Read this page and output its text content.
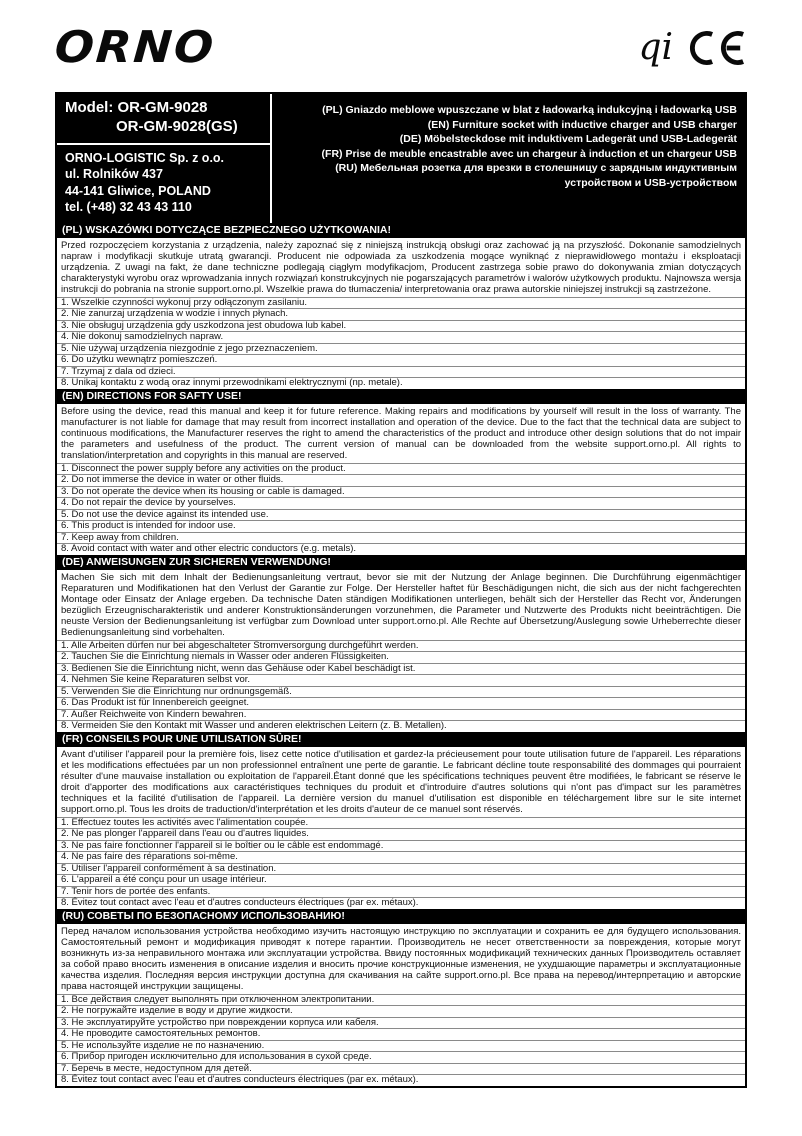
ORNO	qi
Model: OR-GM-9028
OR-GM-9028(GS)
ORNO-LOGISTIC Sp. z o.o.
ul. Rolników 437
44-141 Gliwice, POLAND
tel. (+48) 32 43 43 110
(PL) Gniazdo meblowe wpuszczane w blat z ładowarką indukcyjną i ładowarką USB
(EN) Furniture socket with inductive charger and USB charger
(DE) Möbelsteckdose mit induktivem Ladegerät und USB-Ladegerät
(FR) Prise de meuble encastrable avec un chargeur à induction et un chargeur USB
(RU) Мебельная розетка для врезки в столешницу с зарядным индуктивным устройством и USB-устройством
(PL) WSKAZÓWKI DOTYCZĄCE BEZPIECZNEGO UŻYTKOWANIA!

Przed rozpoczęciem korzystania z urządzenia, należy zapoznać się z niniejszą instrukcją obsługi oraz zachować ją na przyszłość. Dokonanie samodzielnych napraw i modyfikacji skutkuje utratą gwarancji. Producent nie odpowiada za uszkodzenia mogące wyniknąć z nieprawidłowego montażu i eksploatacji urządzenia. Z uwagi na fakt, że dane techniczne podlegają ciągłym modyfikacjom, Producent zastrzega sobie prawo do dokonywania zmian dotyczących charakterystyki wyrobu oraz wprowadzania innych rozwiązań konstrukcyjnych nie pogarszających parametrów i walorów użytkowych produktu. Najnowsza wersja instrukcji do pobrania na stronie support.orno.pl. Wszelkie prawa do tłumaczenia/ interpretowania oraz prawa autorskie niniejszej instrukcji są zastrzeżone.

1. Wszelkie czynności wykonuj przy odłączonym zasilaniu.
2. Nie zanurzaj urządzenia w wodzie i innych płynach.
3. Nie obsługuj urządzenia gdy uszkodzona jest obudowa lub kabel.
4. Nie dokonuj samodzielnych napraw.
5. Nie używaj urządzenia niezgodnie z jego przeznaczeniem.
6. Do użytku wewnątrz pomieszczeń.
7. Trzymaj z dala od dzieci.
8. Unikaj kontaktu z wodą oraz innymi przewodnikami elektrycznymi (np. metale).
(EN) DIRECTIONS FOR SAFTY USE!

Before using the device, read this manual and keep it for future reference. Making repairs and modifications by yourself will result in the loss of warranty. The manufacturer is not liable for damage that may result from incorrect installation and operation of the device. Due to the fact that the technical data are subject to continuous modifications, the Manufacturer reserves the right to amend the characteristics of the product and introduce other design solutions that do not impair the parameters and usefulness of the product. The current version of manual can be downloaded from the website support.orno.pl. All rights to translation/interpretation and copyrights in this manual are reserved.

1. Disconnect the power supply before any activities on the product.
2. Do not immerse the device in water or other fluids.
3. Do not operate the device when its housing or cable is damaged.
4. Do not repair the device by yourselves.
5. Do not use the device against its intended use.
6. This product is intended for indoor use.
7. Keep away from children.
8. Avoid contact with water and other electric conductors (e.g. metals).
(DE) ANWEISUNGEN ZUR SICHEREN VERWENDUNG!

Machen Sie sich mit dem Inhalt der Bedienungsanleitung vertraut, bevor sie mit der Nutzung der Anlage beginnen. Die Durchführung eigenmächtiger Reparaturen und Modifikationen hat den Verlust der Garantie zur Folge. Der Hersteller haftet für Beschädigungen nicht, die sich aus der nicht fachgerechten Montage oder Einsatz der Anlage ergeben. Da technische Daten ständigen Modifikationen unterliegen, behält sich der Hersteller das Recht vor, Änderungen bezüglich Erzeugnischarakteristik und anderer Konstruktionsänderungen vorzunehmen, die Parameter und Nutzwerte des Produkts nicht beeinträchtigen. Die neuste Version der Bedienungsanleitung ist verfügbar zum Download unter support.orno.pl. Alle Rechte auf Übersetzung/Auslegung sowie Urheberrechte dieser Bedienungsanleitung sind vorbehalten.

1. Alle Arbeiten dürfen nur bei abgeschalteter Stromversorgung durchgeführt werden.
2. Tauchen Sie die Einrichtung niemals in Wasser oder anderen Flüssigkeiten.
3. Bedienen Sie die Einrichtung nicht, wenn das Gehäuse oder Kabel beschädigt ist.
4. Nehmen Sie keine Reparaturen selbst vor.
5. Verwenden Sie die Einrichtung nur ordnungsgemäß.
6. Das Produkt ist für Innenbereich geeignet.
7. Außer Reichweite von Kindern bewahren.
8. Vermeiden Sie den Kontakt mit Wasser und anderen elektrischen Leitern (z. B. Metallen).
(FR) CONSEILS POUR UNE UTILISATION SÛRE!

Avant d'utiliser l'appareil pour la première fois, lisez cette notice d'utilisation et gardez-la précieusement pour toute utilisation future de l'appareil. Les réparations et les modifications effectuées par un non professionnel entraînent une perte de garantie. Le fabricant décline toute responsabilité des dommages qui pourraient résulter d'une mauvaise installation ou exploitation de l'appareil.Étant donné que les spécifications techniques peuvent être modifiées, le fabricant se réserve le droit d'apporter des modifications aux caractéristiques techniques du produit et d'introduire d'autres solutions qui n'ont pas d'impact sur les paramètres techniques et la facilité d'utilisation de l'appareil. La dernière version du manuel d'utilisation est disponible en téléchargement libre sur le site internet support.orno.pl. Tous les droits de traduction/d'interprétation et les droits d'auteur de ce manuel sont réservés.

1. Effectuez toutes les activités avec l'alimentation coupée.
2. Ne pas plonger l'appareil dans l'eau ou d'autres liquides.
3. Ne pas faire fonctionner l'appareil si le boîtier ou le câble est endommagé.
4. Ne pas faire des réparations soi-même.
5. Utiliser l'appareil conformément à sa destination.
6. L'appareil a été conçu pour un usage intérieur.
7. Tenir hors de portée des enfants.
8. Évitez tout contact avec l'eau et d'autres conducteurs électriques (par ex. métaux).
(RU) СОВЕТЫ ПО БЕЗОПАСНОМУ ИСПОЛЬЗОВАНИЮ!

Перед началом использования устройства необходимо изучить настоящую инструкцию по эксплуатации и сохранить ее для будущего использования. Самостоятельный ремонт и модификация приводят к потере гарантии. Производитель не несет ответственности за повреждения, которые могут возникнуть из-за неправильного монтажа или эксплуатации устройства. Ввиду постоянных модификаций технических данных Производитель оставляет за собой право вносить изменения в описание изделия и вносить прочие конструкционные изменения, не ухудшающие параметры и эксплуатационные качества изделия. Последняя версия инструкции доступна для скачивания на сайте support.orno.pl. Все права на перевод/интерпретацию и авторские права настоящей инструкции защищены.

1. Все действия следует выполнять при отключенном электропитании.
2. Не погружайте изделие в воду и другие жидкости.
3. Не эксплуатируйте устройство при повреждении корпуса или кабеля.
4. Не проводите самостоятельных ремонтов.
5. Не используйте изделие не по назначению.
6. Прибор пригоден исключительно для использования в сухой среде.
7. Беречь в месте, недоступном для детей.
8. Évitez tout contact avec l'eau et d'autres conducteurs électriques (par ex. métaux).
